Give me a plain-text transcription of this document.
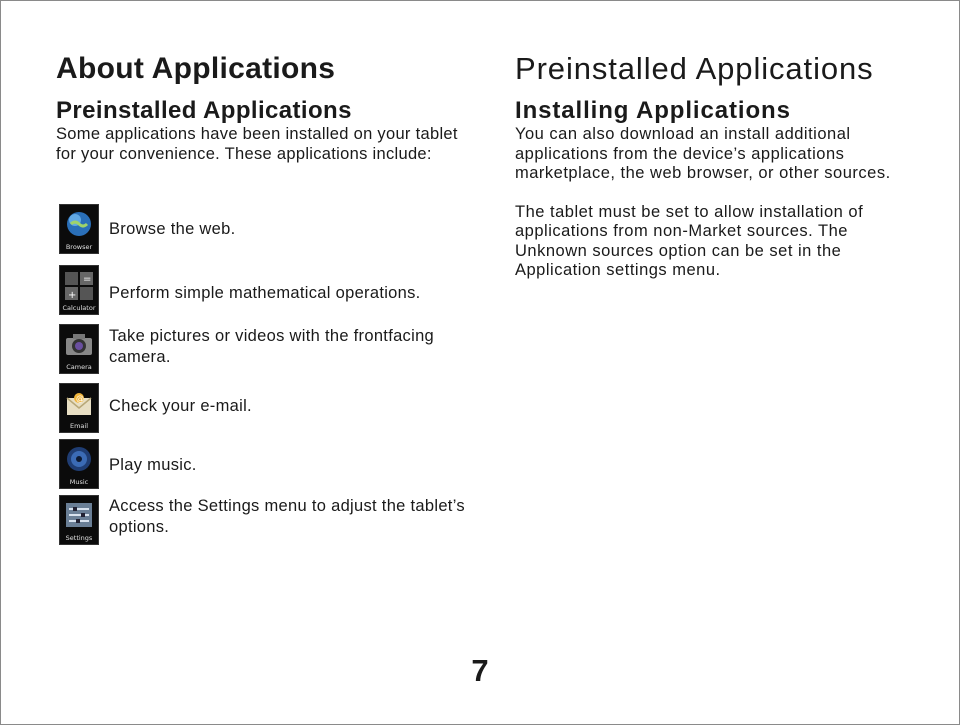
About Applications
Preinstalled Applications

Some applications have been installed on your tablet for your convenience. These applications include:

Browser
Browse the web.
+
=
Calculator
Perform simple mathematical operations.
Camera
Take pictures or videos with the frontfacing camera.
@
Email
Check your e-mail.
Music
Play music.
Settings
Access the Settings menu to adjust the tablet’s options.
Preinstalled Applications
Installing Applications

You can also download an install additional applications from the device’s applications marketplace, the web browser, or other sources.

The tablet must be set to allow installation of applications from non-Market sources. The Unknown sources option can be set in the Application settings menu.

7
